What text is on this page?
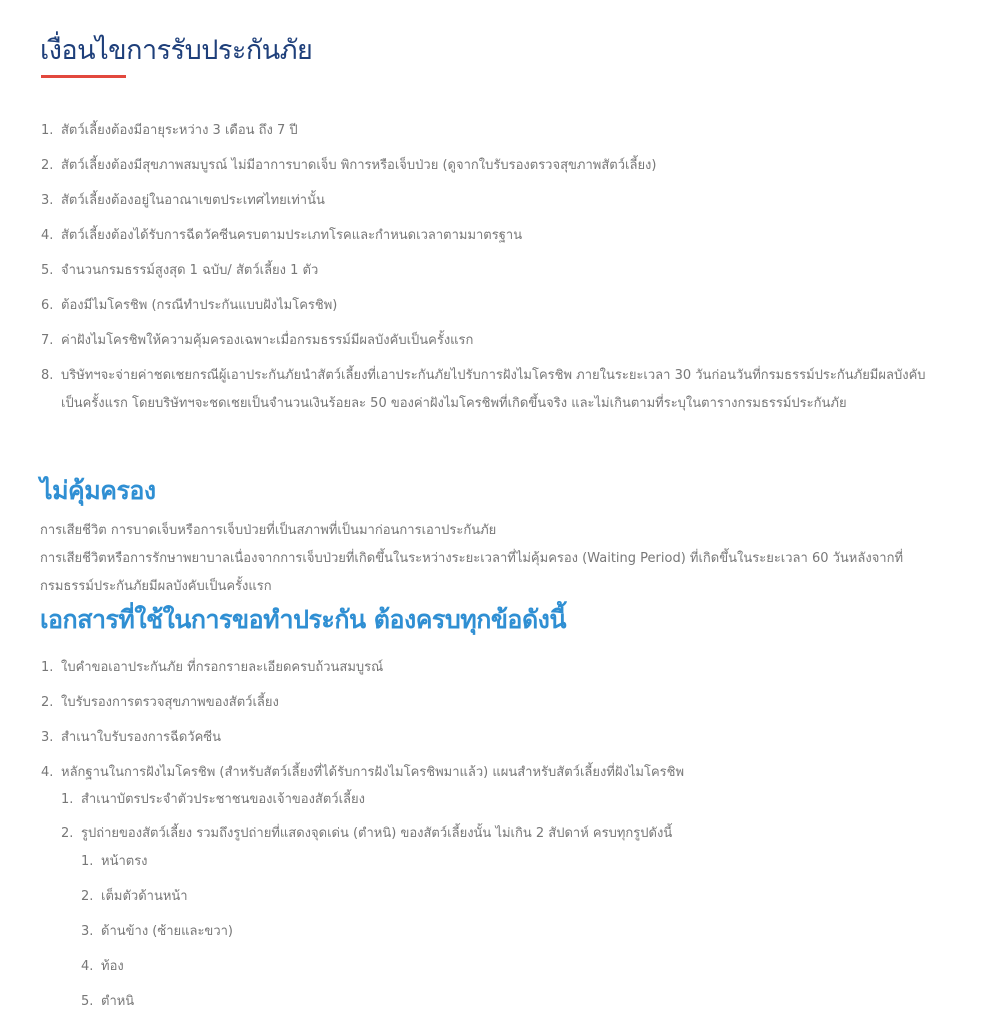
เงื่อนไขการรับประกันภัย
1. สัตว์เลี้ยงต้องมีอายุระหว่าง 3 เดือน ถึง 7 ปี
2. สัตว์เลี้ยงต้องมีสุขภาพสมบูรณ์ ไม่มีอาการบาดเจ็บ พิการหรือเจ็บป่วย (ดูจากใบรับรองตรวจสุขภาพสัตว์เลี้ยง)
3. สัตว์เลี้ยงต้องอยู่ในอาณาเขตประเทศไทยเท่านั้น
4. สัตว์เลี้ยงต้องได้รับการฉีดวัคซีนครบตามประเภทโรคและกำหนดเวลาตามมาตรฐาน
5. จำนวนกรมธรรม์สูงสุด 1 ฉบับ/ สัตว์เลี้ยง 1 ตัว
6. ต้องมีไมโครชิพ (กรณีทำประกันแบบฝังไมโครชิพ)
7. ค่าฝังไมโครชิพให้ความคุ้มครองเฉพาะเมื่อกรมธรรม์มีผลบังคับเป็นครั้งแรก
8. บริษัทฯจะจ่ายค่าชดเชยกรณีผู้เอาประกันภัยนำสัตว์เลี้ยงที่เอาประกันภัยไปรับการฝังไมโครชิพ ภายในระยะเวลา 30 วันก่อนวันที่กรมธรรม์ประกันภัยมีผลบังคับเป็นครั้งแรก โดยบริษัทฯจะชดเชยเป็นจำนวนเงินร้อยละ 50 ของค่าฝังไมโครชิพที่เกิดขึ้นจริง และไม่เกินตามที่ระบุในตารางกรมธรรม์ประกันภัย
ไม่คุ้มครอง

การเสียชีวิต การบาดเจ็บหรือการเจ็บป่วยที่เป็นสภาพที่เป็นมาก่อนการเอาประกันภัย

การเสียชีวิตหรือการรักษาพยาบาลเนื่องจากการเจ็บป่วยที่เกิดขึ้นในระหว่างระยะเวลาที่ไม่คุ้มครอง (Waiting Period) ที่เกิดขึ้นในระยะเวลา 60 วันหลังจากที่กรมธรรม์ประกันภัยมีผลบังคับเป็นครั้งแรก

เอกสารที่ใช้ในการขอทำประกัน ต้องครบทุกข้อดังนี้
1. ใบคำขอเอาประกันภัย ที่กรอกรายละเอียดครบถ้วนสมบูรณ์
2. ใบรับรองการตรวจสุขภาพของสัตว์เลี้ยง
3. สำเนาใบรับรองการฉีดวัคซีน
4. หลักฐานในการฝังไมโครชิพ (สำหรับสัตว์เลี้ยงที่ได้รับการฝังไมโครชิพมาแล้ว) แผนสำหรับสัตว์เลี้ยงที่ฝังไมโครชิพ
1. สำเนาบัตรประจำตัวประชาชนของเจ้าของสัตว์เลี้ยง
2. รูปถ่ายของสัตว์เลี้ยง รวมถึงรูปถ่ายที่แสดงจุดเด่น (ตำหนิ) ของสัตว์เลี้ยงนั้น ไม่เกิน 2 สัปดาห์ ครบทุกรูปดังนี้
1. หน้าตรง
2. เต็มตัวด้านหน้า
3. ด้านข้าง (ซ้ายและขวา)
4. ท้อง
5. ตำหนิ
